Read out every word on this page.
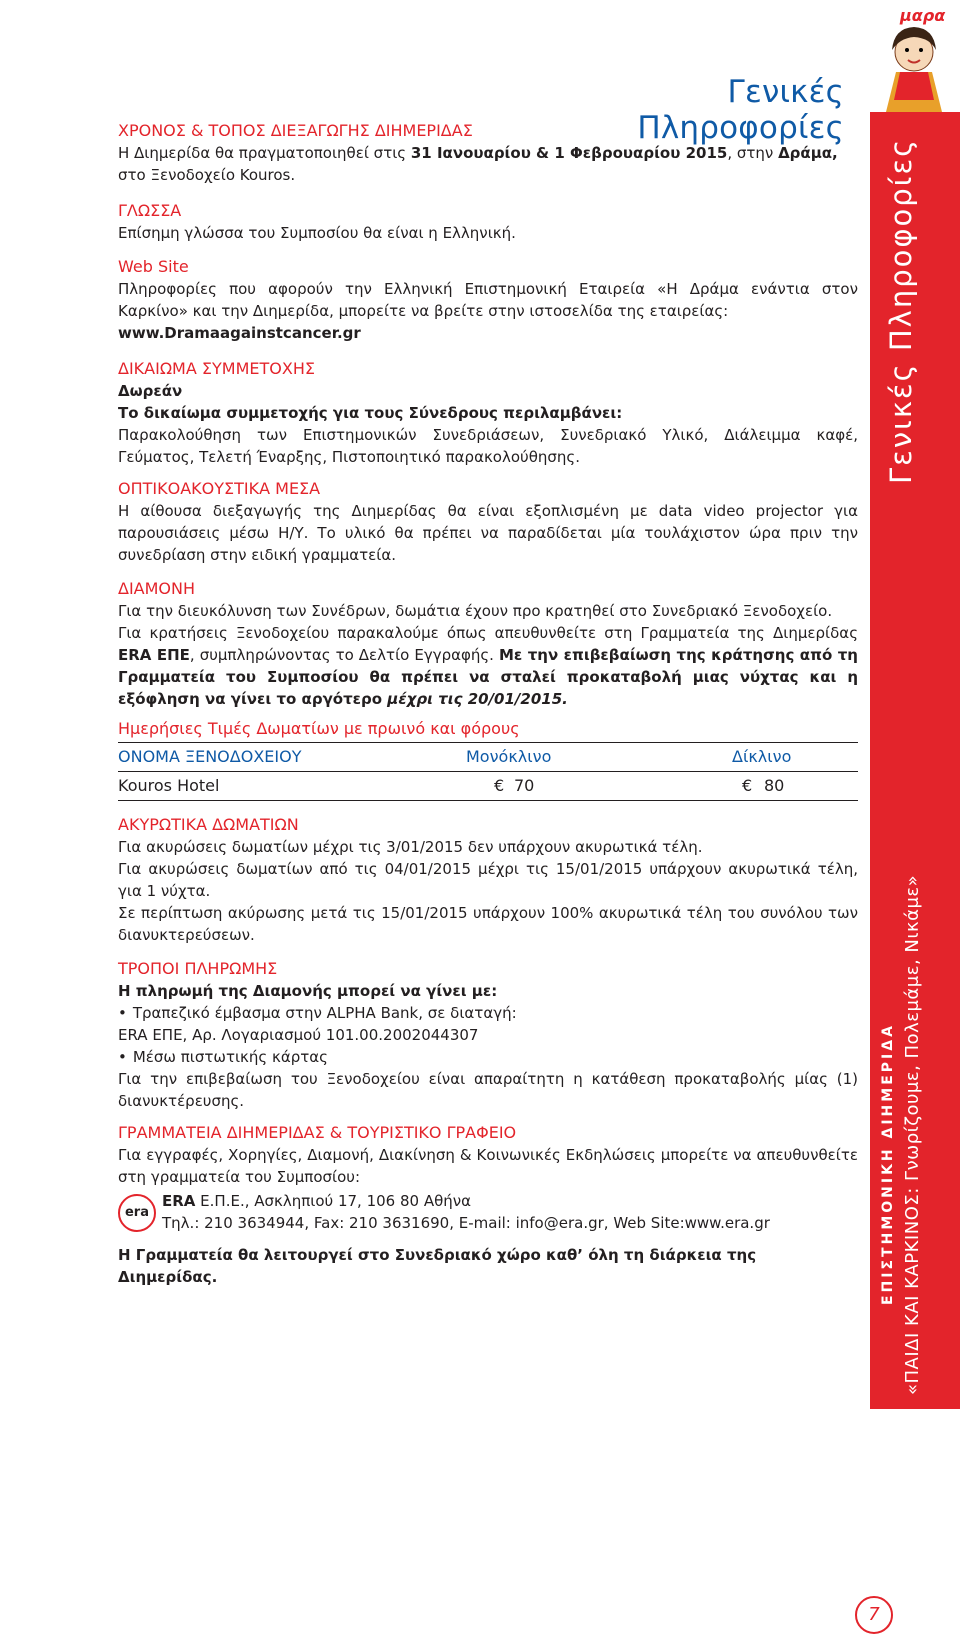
Γενικές Πληροφορίες
μαρα
Γενικές Πληροφορίες
ΕΠΙΣΤΗΜΟΝΙΚΗ ΔΙΗΜΕΡΙΔΑ «ΠΑΙΔΙ ΚΑΙ ΚΑΡΚΙΝΟΣ: Γνωρίζουμε, Πολεμάμε, Νικάμε»
7
ΧΡΟΝΟΣ & ΤΟΠΟΣ ΔΙΕΞΑΓΩΓΗΣ ΔΙΗΜΕΡΙΔΑΣ

Η Διημερίδα θα πραγματοποιηθεί στις 31 Ιανουαρίου & 1 Φεβρουαρίου 2015, στην Δράμα,

στο Ξενοδοχείο Kouros.

ΓΛΩΣΣΑ

Επίσημη γλώσσα του Συμποσίου θα είναι η Ελληνική.

Web Site

Πληροφορίες που αφορούν την Ελληνική Επιστημονική Εταιρεία «Η Δράμα ενάντια στον Καρκίνο» και την Διημερίδα, μπορείτε να βρείτε στην ιστοσελίδα της εταιρείας:

www.Dramaagainstcancer.gr

ΔΙΚΑΙΩΜΑ ΣΥΜΜΕΤΟΧΗΣ

Δωρεάν

Το δικαίωμα συμμετοχής για τους Σύνεδρους περιλαμβάνει:

Παρακολούθηση των Επιστημονικών Συνεδριάσεων, Συνεδριακό Υλικό, Διάλειμμα καφέ, Γεύματος, Τελετή Έναρξης, Πιστοποιητικό παρακολούθησης.

ΟΠΤΙΚΟΑΚΟΥΣΤΙΚΑ ΜΕΣΑ

Η αίθουσα διεξαγωγής της Διημερίδας θα είναι εξοπλισμένη με data video projector για παρουσιάσεις μέσω Η/Υ. Το υλικό θα πρέπει να παραδίδεται μία τουλάχιστον ώρα πριν την συνεδρίαση στην ειδική γραμματεία.

ΔΙΑΜΟΝΗ

Για την διευκόλυνση των Συνέδρων, δωμάτια έχουν προ κρατηθεί στο Συνεδριακό Ξενοδοχείο.

Για κρατήσεις Ξενοδοχείου παρακαλούμε όπως απευθυνθείτε στη Γραμματεία της Διημερίδας ERA ΕΠΕ, συμπληρώνοντας το Δελτίο Εγγραφής. Με την επιβεβαίωση της κράτησης από τη Γραμματεία του Συμποσίου θα πρέπει να σταλεί προκαταβολή μιας νύχτας και η εξόφληση να γίνει το αργότερο μέχρι τις 20/01/2015.

Ημερήσιες Τιμές Δωματίων με πρωινό και φόρους
ΟΝΟΜΑ ΞΕΝΟΔΟΧΕΙΟΥ	Μονόκλινο	Δίκλινο
Kouros Hotel	€ 70	€ 80
ΑΚΥΡΩΤΙΚΑ ΔΩΜΑΤΙΩΝ

Για ακυρώσεις δωματίων μέχρι τις 3/01/2015 δεν υπάρχουν ακυρωτικά τέλη.

Για ακυρώσεις δωματίων από τις 04/01/2015 μέχρι τις 15/01/2015 υπάρχουν ακυρωτικά τέλη, για 1 νύχτα.

Σε περίπτωση ακύρωσης μετά τις 15/01/2015 υπάρχουν 100% ακυρωτικά τέλη του συνόλου των διανυκτερεύσεων.

ΤΡΟΠΟΙ ΠΛΗΡΩΜΗΣ

Η πληρωμή της Διαμονής μπορεί να γίνει με:

• Τραπεζικό έμβασμα στην ALPHA Bank, σε διαταγή:

ERA ΕΠΕ, Αρ. Λογαριασμού 101.00.2002044307

• Μέσω πιστωτικής κάρτας

Για την επιβεβαίωση του Ξενοδοχείου είναι απαραίτητη η κατάθεση προκαταβολής μίας (1) διανυκτέρευσης.

ΓΡΑΜΜΑΤΕΙΑ ΔΙΗΜΕΡΙΔΑΣ & ΤΟΥΡΙΣΤΙΚΟ ΓΡΑΦΕΙΟ

Για εγγραφές, Χορηγίες, Διαμονή, Διακίνηση & Κοινωνικές Εκδηλώσεις μπορείτε να απευθυνθείτε στη γραμματεία του Συμποσίου:

era

ERA Ε.Π.Ε., Ασκληπιού 17, 106 80 Αθήνα

Τηλ.: 210 3634944, Fax: 210 3631690, E-mail: info@era.gr, Web Site:www.era.gr

Η Γραμματεία θα λειτουργεί στο Συνεδριακό χώρο καθ’ όλη τη διάρκεια της Διημερίδας.
